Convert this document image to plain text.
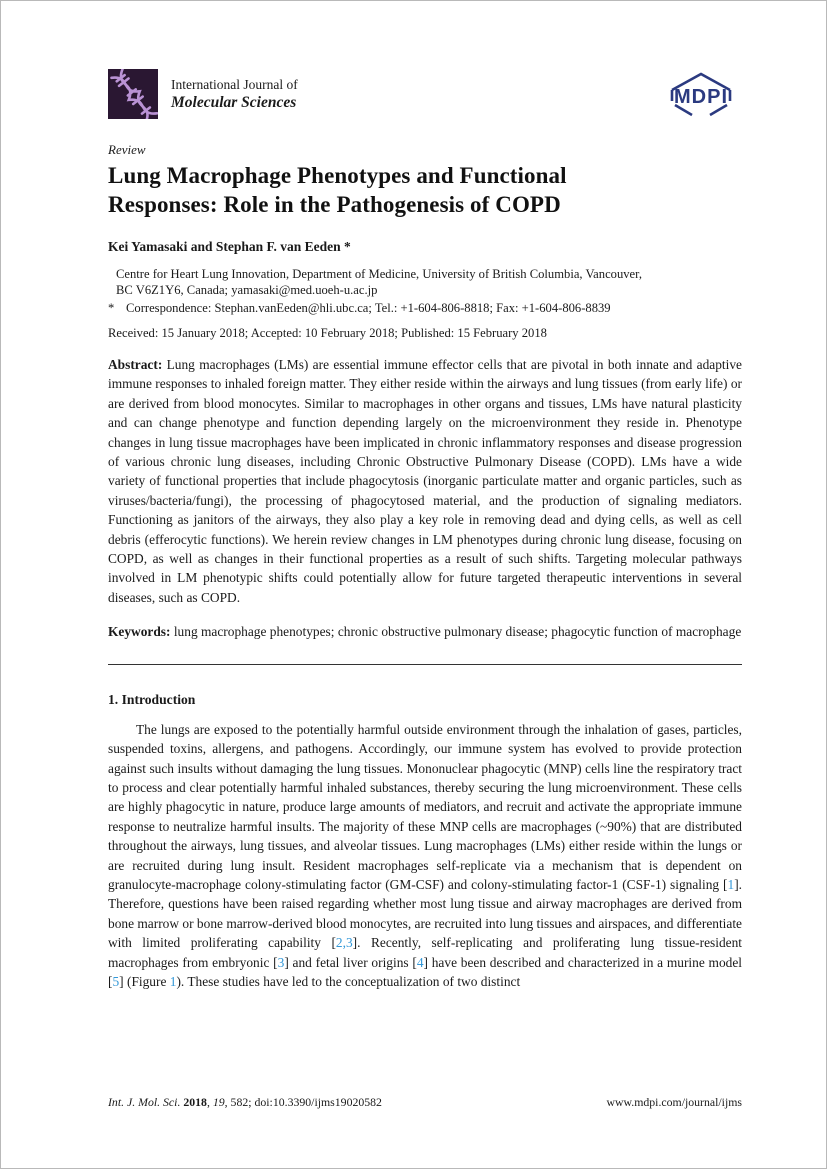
International Journal of
Molecular Sciences	MDPI
Review
Lung Macrophage Phenotypes and Functional
Responses: Role in the Pathogenesis of COPD
Kei Yamasaki and Stephan F. van Eeden *
Centre for Heart Lung Innovation, Department of Medicine, University of British Columbia, Vancouver,
BC V6Z1Y6, Canada; yamasaki@med.uoeh-u.ac.jp
* Correspondence: Stephan.vanEeden@hli.ubc.ca; Tel.: +1-604-806-8818; Fax: +1-604-806-8839
Received: 15 January 2018; Accepted: 10 February 2018; Published: 15 February 2018

Abstract: Lung macrophages (LMs) are essential immune effector cells that are pivotal in both innate and adaptive immune responses to inhaled foreign matter. They either reside within the airways and lung tissues (from early life) or are derived from blood monocytes. Similar to macrophages in other organs and tissues, LMs have natural plasticity and can change phenotype and function depending largely on the microenvironment they reside in. Phenotype changes in lung tissue macrophages have been implicated in chronic inflammatory responses and disease progression of various chronic lung diseases, including Chronic Obstructive Pulmonary Disease (COPD). LMs have a wide variety of functional properties that include phagocytosis (inorganic particulate matter and organic particles, such as viruses/bacteria/fungi), the processing of phagocytosed material, and the production of signaling mediators. Functioning as janitors of the airways, they also play a key role in removing dead and dying cells, as well as cell debris (efferocytic functions). We herein review changes in LM phenotypes during chronic lung disease, focusing on COPD, as well as changes in their functional properties as a result of such shifts. Targeting molecular pathways involved in LM phenotypic shifts could potentially allow for future targeted therapeutic interventions in several diseases, such as COPD.

Keywords: lung macrophage phenotypes; chronic obstructive pulmonary disease; phagocytic function of macrophage

1. Introduction

The lungs are exposed to the potentially harmful outside environment through the inhalation of gases, particles, suspended toxins, allergens, and pathogens. Accordingly, our immune system has evolved to provide protection against such insults without damaging the lung tissues. Mononuclear phagocytic (MNP) cells line the respiratory tract to process and clear potentially harmful inhaled substances, thereby securing the lung microenvironment. These cells are highly phagocytic in nature, produce large amounts of mediators, and recruit and activate the appropriate immune response to neutralize harmful insults. The majority of these MNP cells are macrophages (~90%) that are distributed throughout the airways, lung tissues, and alveolar tissues. Lung macrophages (LMs) either reside within the lungs or are recruited during lung insult. Resident macrophages self-replicate via a mechanism that is dependent on granulocyte-macrophage colony-stimulating factor (GM-CSF) and colony-stimulating factor-1 (CSF-1) signaling [1]. Therefore, questions have been raised regarding whether most lung tissue and airway macrophages are derived from bone marrow or bone marrow-derived blood monocytes, are recruited into lung tissues and airspaces, and differentiate with limited proliferating capability [2,3]. Recently, self-replicating and proliferating lung tissue-resident macrophages from embryonic [3] and fetal liver origins [4] have been described and characterized in a murine model [5] (Figure 1). These studies have led to the conceptualization of two distinct

Int. J. Mol. Sci. 2018, 19, 582; doi:10.3390/ijms19020582	www.mdpi.com/journal/ijms
